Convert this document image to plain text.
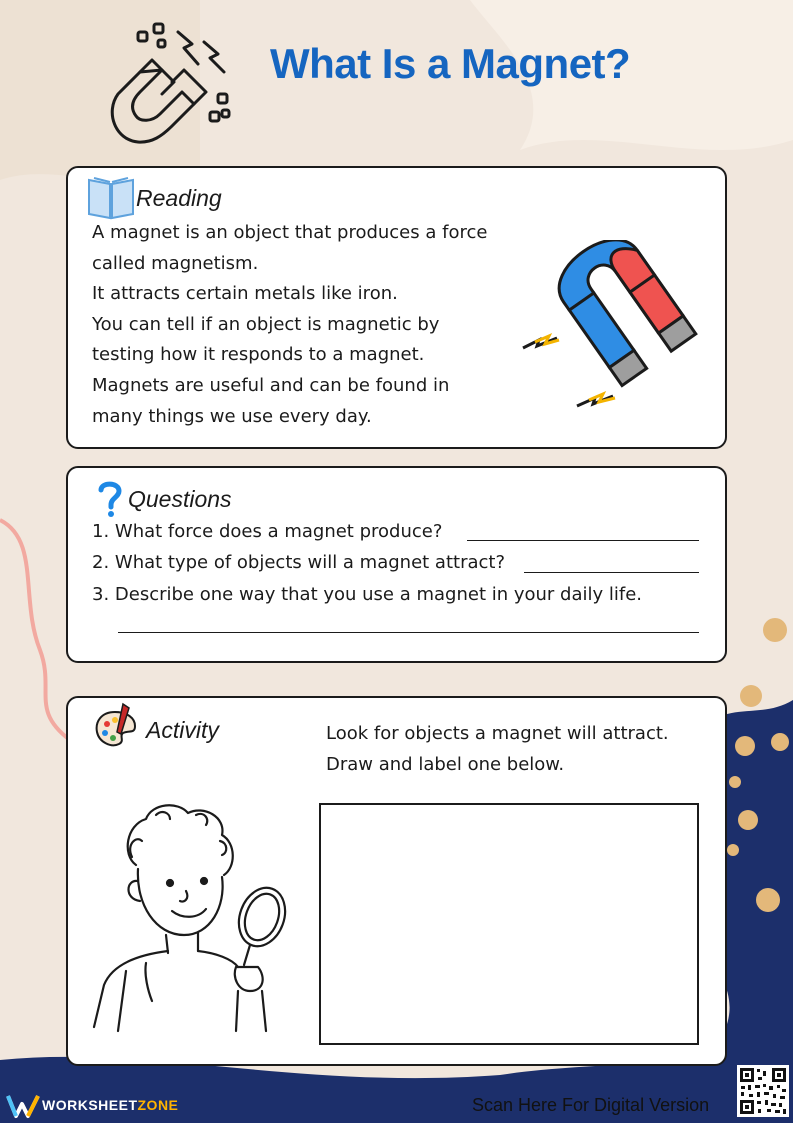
What Is a Magnet?
Reading
A magnet is an object that produces a force
called magnetism.
It attracts certain metals like iron.
You can tell if an object is magnetic by
testing how it responds to a magnet.
Magnets are useful and can be found in
many things we use every day.
Questions
1. What force does a magnet produce?
2. What type of objects will a magnet attract?
3. Describe one way that you use a magnet in your daily life.
Activity	Look for objects a magnet will attract.
Draw and label one below.
WORKSHEETZONE	Scan Here For Digital Version
